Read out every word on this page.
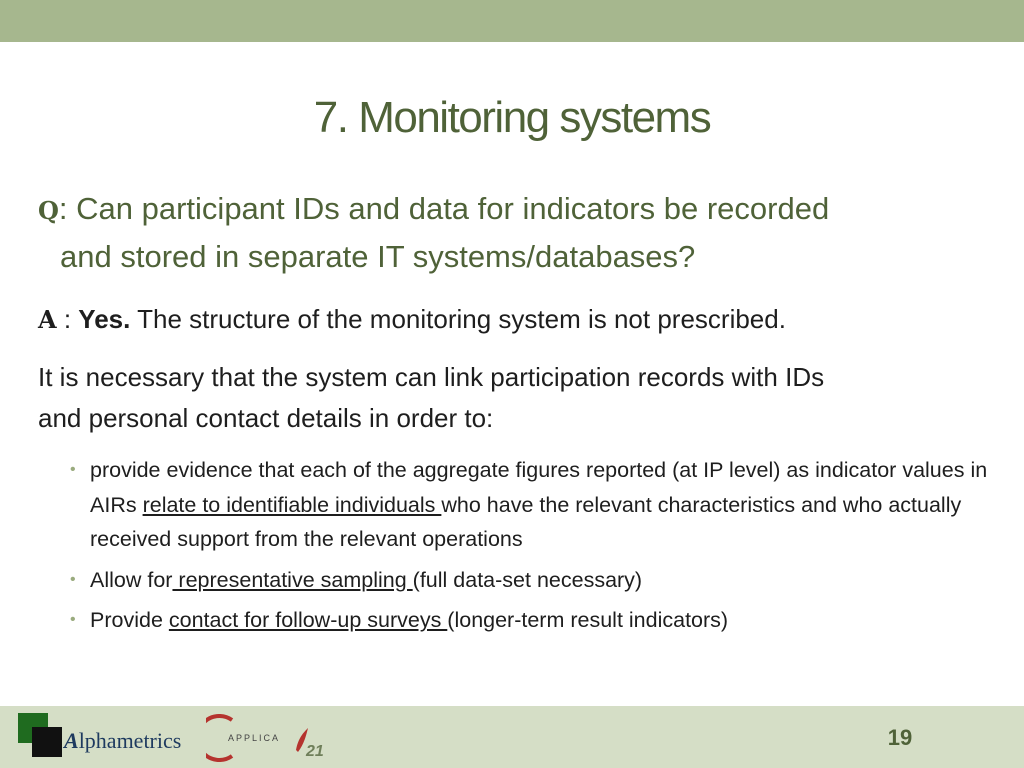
7. Monitoring systems

Q: Can participant IDs and data for indicators be recorded
and stored in separate IT systems/databases?

A : Yes. The structure of the monitoring system is not prescribed.

It is necessary that the system can link participation records with IDs
and personal contact details in order to:

• provide evidence that each of the aggregate figures reported (at IP level) as indicator values in AIRs relate to identifiable individuals who have the relevant characteristics and who actually received support from the relevant operations
• Allow for representative sampling (full data-set necessary)
• Provide contact for follow-up surveys (longer-term result indicators)
Alphametrics	APPLICA
21
19
